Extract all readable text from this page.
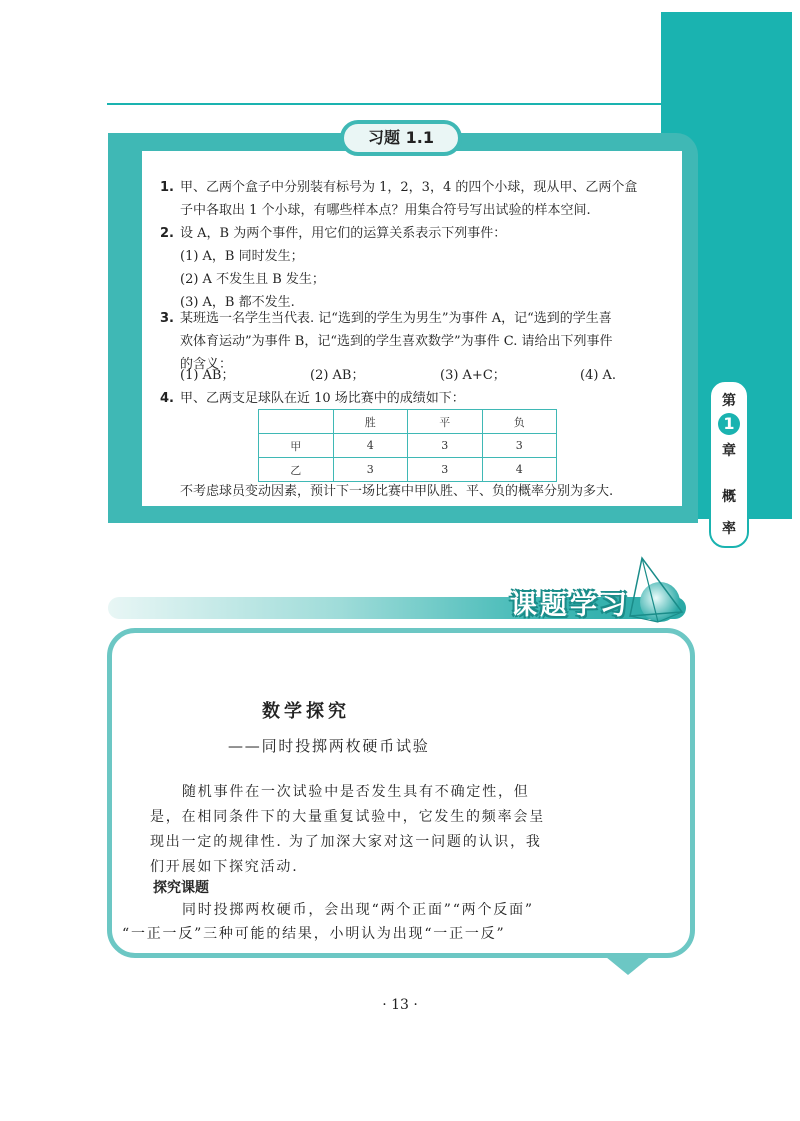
习题 1.1
1. 甲、乙两个盒子中分别装有标号为 1，2，3，4 的四个小球，现从甲、乙两个盒
子中各取出 1 个小球，有哪些样本点？用集合符号写出试验的样本空间.
2. 设 A，B 为两个事件，用它们的运算关系表示下列事件：
(1) A，B 同时发生；
(2) A 不发生且 B 发生；
(3) A，B 都不发生.
3. 某班选一名学生当代表. 记“选到的学生为男生”为事件 A，记“选到的学生喜
欢体育运动”为事件 B，记“选到的学生喜欢数学”为事件 C. 请给出下列事件
的含义：
(1) AB；	(2) AB；	(3) A+C；	(4) A.
4. 甲、乙两支足球队在近 10 场比赛中的成绩如下：
	胜	平	负
甲	4	3	3
乙	3	3	4
不考虑球员变动因素，预计下一场比赛中甲队胜、平、负的概率分别为多大.
第
1
章
概
率
课题学习
数学探究
——同时投掷两枚硬币试验
随机事件在一次试验中是否发生具有不确定性，但
是，在相同条件下的大量重复试验中，它发生的频率会呈
现出一定的规律性. 为了加深大家对这一问题的认识，我
们开展如下探究活动.
探究课题
同时投掷两枚硬币，会出现“两个正面”“两个反面”
“一正一反”三种可能的结果，小明认为出现“一正一反”
· 13 ·
